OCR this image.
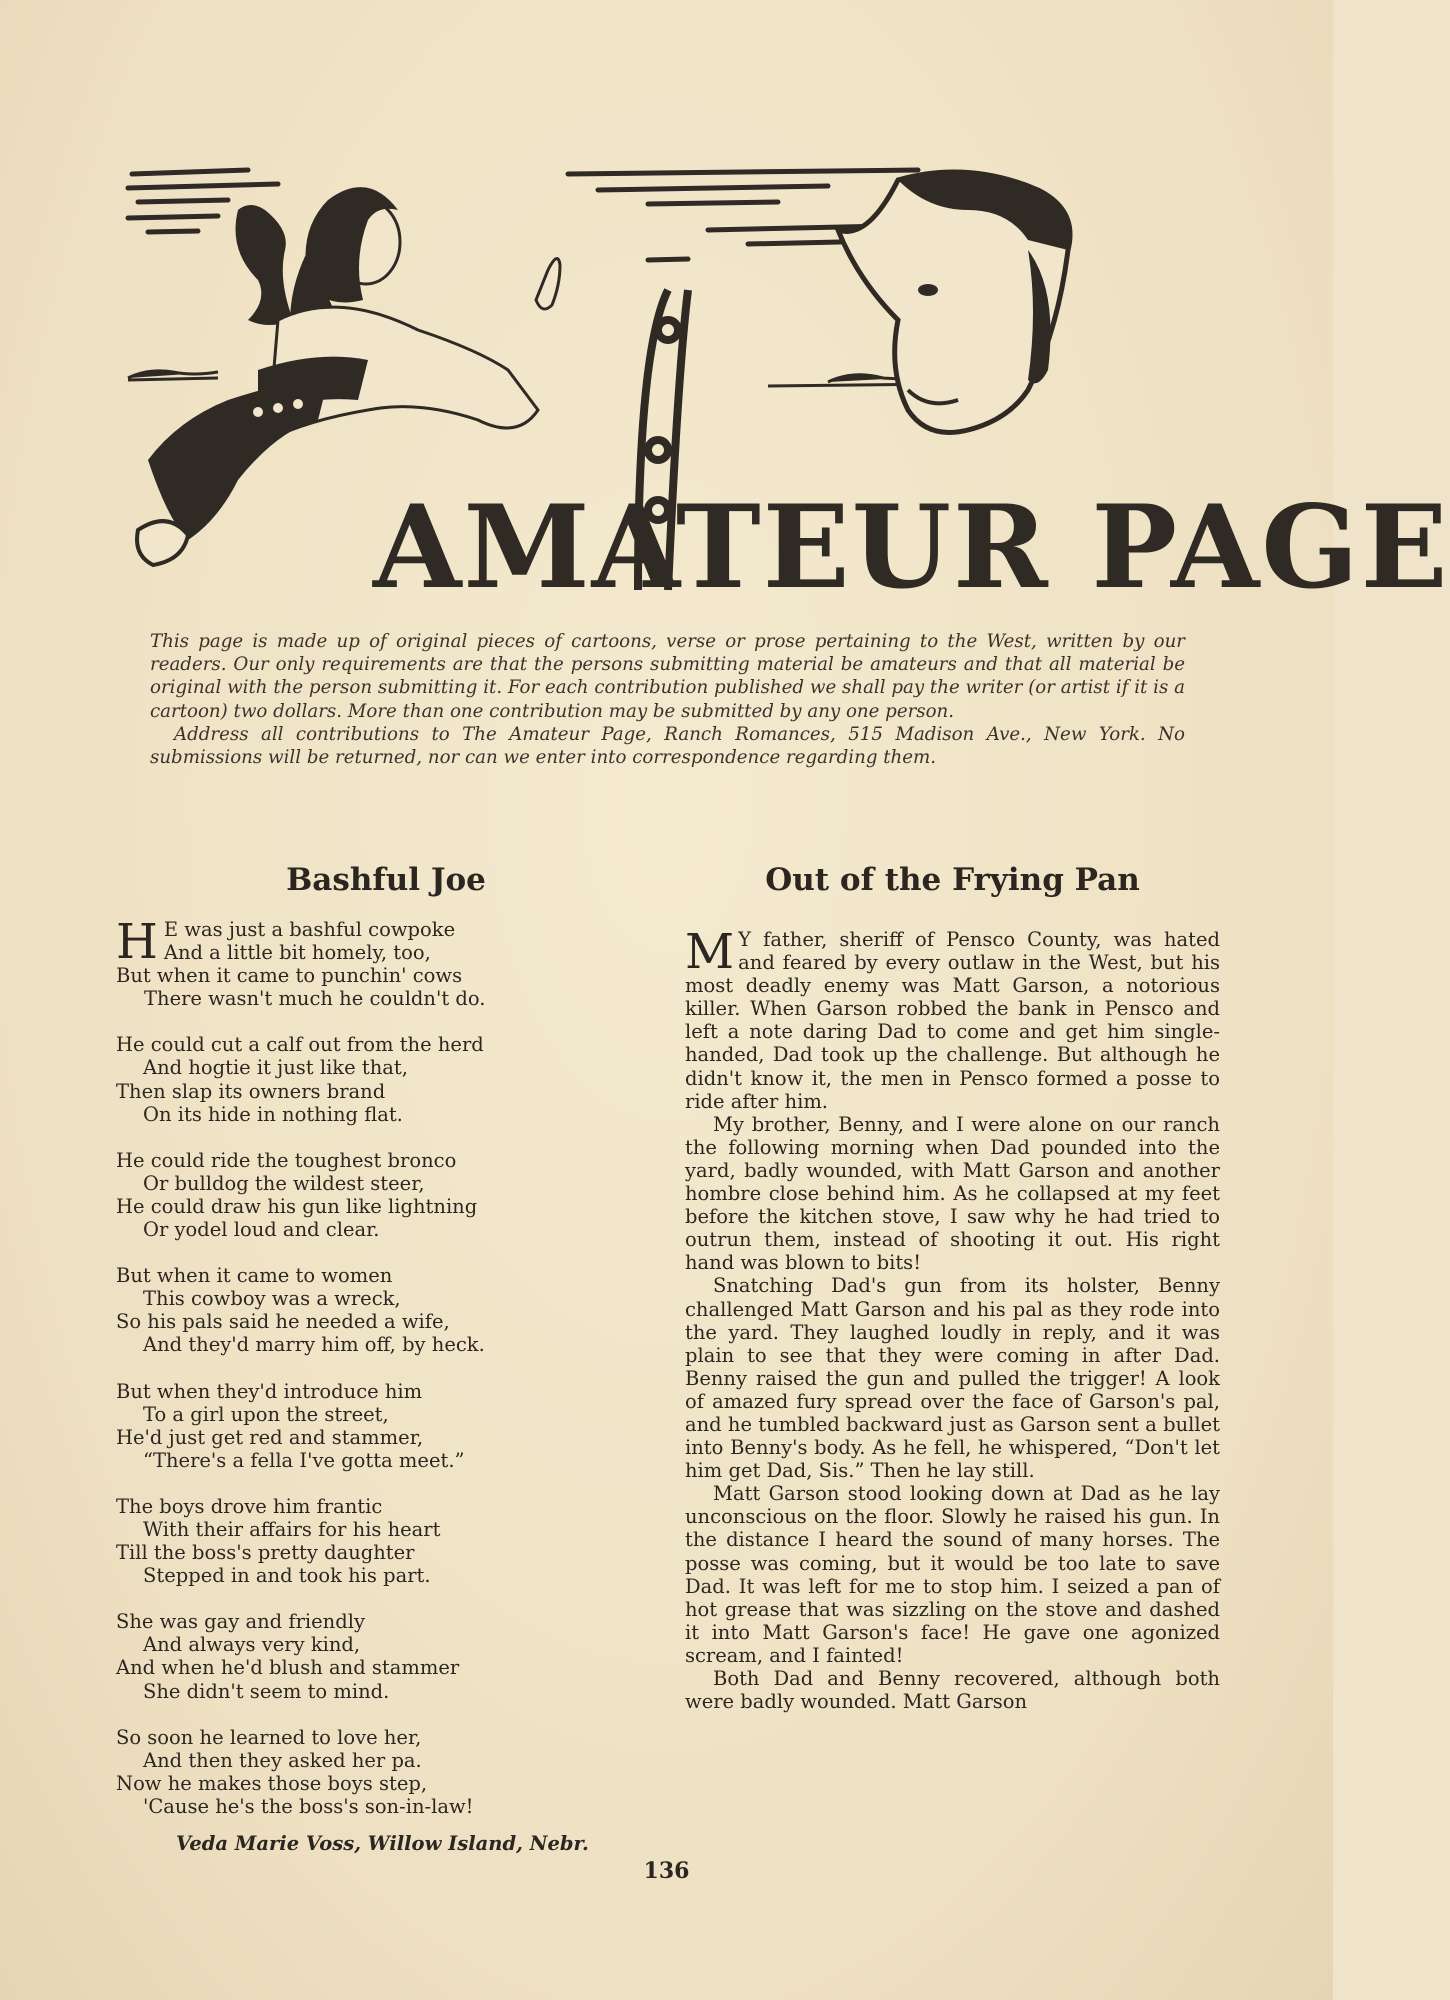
AMATEUR PAGE

This page is made up of original pieces of cartoons, verse or prose pertaining to the West, written by our readers. Our only requirements are that the persons submitting material be amateurs and that all material be original with the person submitting it. For each contribution published we shall pay the writer (or artist if it is a cartoon) two dollars. More than one contribution may be submitted by any one person.

Address all contributions to The Amateur Page, Ranch Romances, 515 Madison Ave., New York. No submissions will be returned, nor can we enter into correspondence regarding them.

Bashful Joe
H E was just a bashful cowpoke
And a little bit homely, too,
But when it came to punchin' cows
There wasn't much he couldn't do.
He could cut a calf out from the herd
And hogtie it just like that,
Then slap its owners brand
On its hide in nothing flat.
He could ride the toughest bronco
Or bulldog the wildest steer,
He could draw his gun like lightning
Or yodel loud and clear.
But when it came to women
This cowboy was a wreck,
So his pals said he needed a wife,
And they'd marry him off, by heck.
But when they'd introduce him
To a girl upon the street,
He'd just get red and stammer,
“There's a fella I've gotta meet.”
The boys drove him frantic
With their affairs for his heart
Till the boss's pretty daughter
Stepped in and took his part.
She was gay and friendly
And always very kind,
And when he'd blush and stammer
She didn't seem to mind.
So soon he learned to love her,
And then they asked her pa.
Now he makes those boys step,
'Cause he's the boss's son-in-law!
Veda Marie Voss, Willow Island, Nebr.
Out of the Frying Pan

M Y father, sheriff of Pensco County, was hated and feared by every outlaw in the West, but his most deadly enemy was Matt Garson, a notorious killer. When Garson robbed the bank in Pensco and left a note daring Dad to come and get him single-handed, Dad took up the challenge. But although he didn't know it, the men in Pensco formed a posse to ride after him.

My brother, Benny, and I were alone on our ranch the following morning when Dad pounded into the yard, badly wounded, with Matt Garson and another hombre close behind him. As he collapsed at my feet before the kitchen stove, I saw why he had tried to outrun them, instead of shooting it out. His right hand was blown to bits!

Snatching Dad's gun from its holster, Benny challenged Matt Garson and his pal as they rode into the yard. They laughed loudly in reply, and it was plain to see that they were coming in after Dad. Benny raised the gun and pulled the trigger! A look of amazed fury spread over the face of Garson's pal, and he tumbled backward just as Garson sent a bullet into Benny's body. As he fell, he whispered, “Don't let him get Dad, Sis.” Then he lay still.

Matt Garson stood looking down at Dad as he lay unconscious on the floor. Slowly he raised his gun. In the distance I heard the sound of many horses. The posse was coming, but it would be too late to save Dad. It was left for me to stop him. I seized a pan of hot grease that was sizzling on the stove and dashed it into Matt Garson's face! He gave one agonized scream, and I fainted!

Both Dad and Benny recovered, although both were badly wounded. Matt Garson

136
